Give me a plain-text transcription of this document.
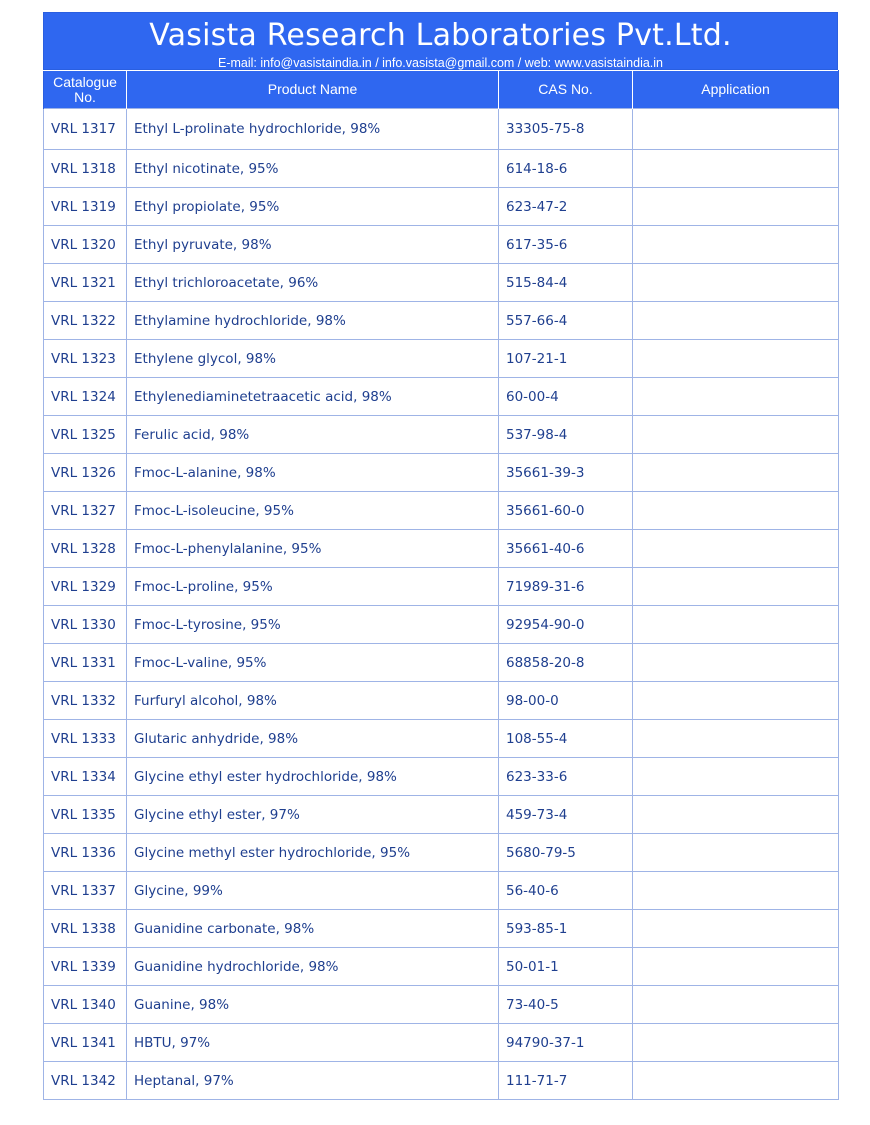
Vasista Research Laboratories Pvt.Ltd.
E-mail: info@vasistaindia.in / info.vasista@gmail.com / web: www.vasistaindia.in
Catalogue No.	Product Name	CAS No.	Application
VRL 1317	Ethyl L-prolinate hydrochloride, 98%	33305-75-8	
VRL 1318	Ethyl nicotinate, 95%	614-18-6	
VRL 1319	Ethyl propiolate, 95%	623-47-2	
VRL 1320	Ethyl pyruvate, 98%	617-35-6	
VRL 1321	Ethyl trichloroacetate, 96%	515-84-4	
VRL 1322	Ethylamine hydrochloride, 98%	557-66-4	
VRL 1323	Ethylene glycol, 98%	107-21-1	
VRL 1324	Ethylenediaminetetraacetic acid, 98%	60-00-4	
VRL 1325	Ferulic acid, 98%	537-98-4	
VRL 1326	Fmoc-L-alanine, 98%	35661-39-3	
VRL 1327	Fmoc-L-isoleucine, 95%	35661-60-0	
VRL 1328	Fmoc-L-phenylalanine, 95%	35661-40-6	
VRL 1329	Fmoc-L-proline, 95%	71989-31-6	
VRL 1330	Fmoc-L-tyrosine, 95%	92954-90-0	
VRL 1331	Fmoc-L-valine, 95%	68858-20-8	
VRL 1332	Furfuryl alcohol, 98%	98-00-0	
VRL 1333	Glutaric anhydride, 98%	108-55-4	
VRL 1334	Glycine ethyl ester hydrochloride, 98%	623-33-6	
VRL 1335	Glycine ethyl ester, 97%	459-73-4	
VRL 1336	Glycine methyl ester hydrochloride, 95%	5680-79-5	
VRL 1337	Glycine, 99%	56-40-6	
VRL 1338	Guanidine carbonate, 98%	593-85-1	
VRL 1339	Guanidine hydrochloride, 98%	50-01-1	
VRL 1340	Guanine, 98%	73-40-5	
VRL 1341	HBTU, 97%	94790-37-1	
VRL 1342	Heptanal, 97%	111-71-7	
